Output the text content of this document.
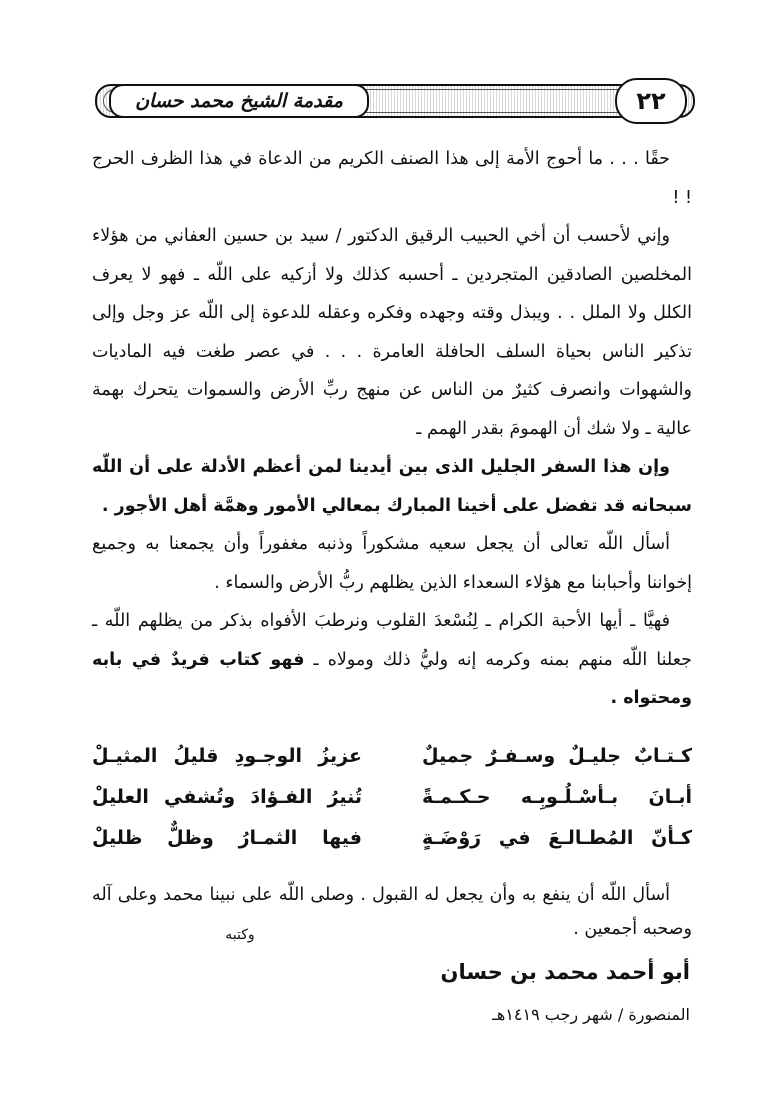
مقدمة الشيخ محمد حسان	٢٢

حقًا . . . ما أحوج الأمة إلى هذا الصنف الكريم من الدعاة في هذا الظرف الحرج ! !

وإني لأحسب أن أخي الحبيب الرقيق الدكتور / سيد بن حسين العفاني من هؤلاء المخلصين الصادقين المتجردين ـ أحسبه كذلك ولا أزكيه على اللّه ـ فهو لا يعرف الكلل ولا الملل . . ويبذل وقته وجهده وفكره وعقله للدعوة إلى اللّه عز وجل وإلى تذكير الناس بحياة السلف الحافلة العامرة . . . في عصر طغت فيه الماديات والشهوات وانصرف كثيرٌ من الناس عن منهج ربِّ الأرض والسموات يتحرك بهمة عالية ـ ولا شك أن الهمومَ بقدر الهمم ـ

وإن هذا السفر الجليل الذى بين أيدينا لمن أعظم الأدلة على أن اللّه سبحانه قد تفضل على أخينا المبارك بمعالي الأمور وهمَّة أهل الأجور .

أسأل اللّه تعالى أن يجعل سعيه مشكوراً وذنبه مغفوراً وأن يجمعنا به وجميع إخواننا وأحبابنا مع هؤلاء السعداء الذين يظلهم ربُّ الأرض والسماء .

فهيَّا ـ أيها الأحبة الكرام ـ لِنُسْعدَ القلوب ونرطبَ الأفواه بذكر من يظلهم اللّه ـ جعلنا اللّه منهم بمنه وكرمه إنه وليُّ ذلك ومولاه ـ فهو كتاب فريدٌ في بابه ومحتواه .

كـتـابٌ جليـلٌ وسـفـرٌ جميلٌ
عزيزُ الوجـودِ قليلُ المثيـلْ
أبـانَ بـأسْـلُـوبِـه حـكـمـةً
تُنيرُ الفـؤادَ وتُشفي العليلْ
كـأنّ المُطـالـعَ في رَوْضَـةٍ
فيها الثمـارُ وظلٌّ ظليلْ

أسأل اللّه أن ينفع به وأن يجعل له القبول . وصلى اللّه على نبينا محمد وعلى آله وصحبه أجمعين .

وكتبه
أبو أحمد محمد بن حسان
المنصورة / شهر رجب ١٤١٩هـ
